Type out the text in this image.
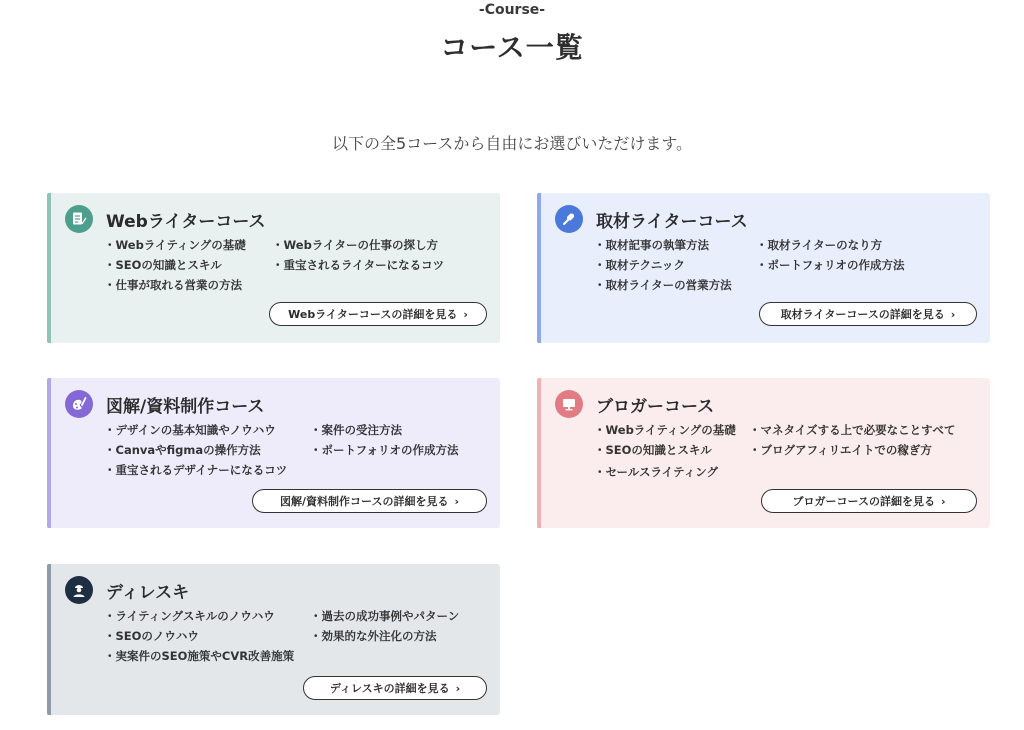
-Course-
コース一覧
以下の全5コースから自由にお選びいただけます。
Webライターコース
・ Webライティングの基礎
・ SEOの知識とスキル
・ 仕事が取れる営業の方法
・ Webライターの仕事の探し方
・ 重宝されるライターになるコツ
Webライターコースの詳細を見る ›
取材ライターコース
・ 取材記事の執筆方法
・ 取材テクニック
・ 取材ライターの営業方法
・ 取材ライターのなり方
・ ポートフォリオの作成方法
取材ライターコースの詳細を見る ›
図解/資料制作コース
・ デザインの基本知識やノウハウ
・ Canvaやfigmaの操作方法
・ 重宝されるデザイナーになるコツ
・ 案件の受注方法
・ ポートフォリオの作成方法
図解/資料制作コースの詳細を見る ›
ブロガーコース
・ Webライティングの基礎
・ SEOの知識とスキル
・ セールスライティング
・ マネタイズする上で必要なことすべて
・ ブログアフィリエイトでの稼ぎ方
ブロガーコースの詳細を見る ›
ディレスキ
・ ライティングスキルのノウハウ
・ SEOのノウハウ
・ 実案件のSEO施策やCVR改善施策
・ 過去の成功事例やパターン
・ 効果的な外注化の方法
ディレスキの詳細を見る ›
